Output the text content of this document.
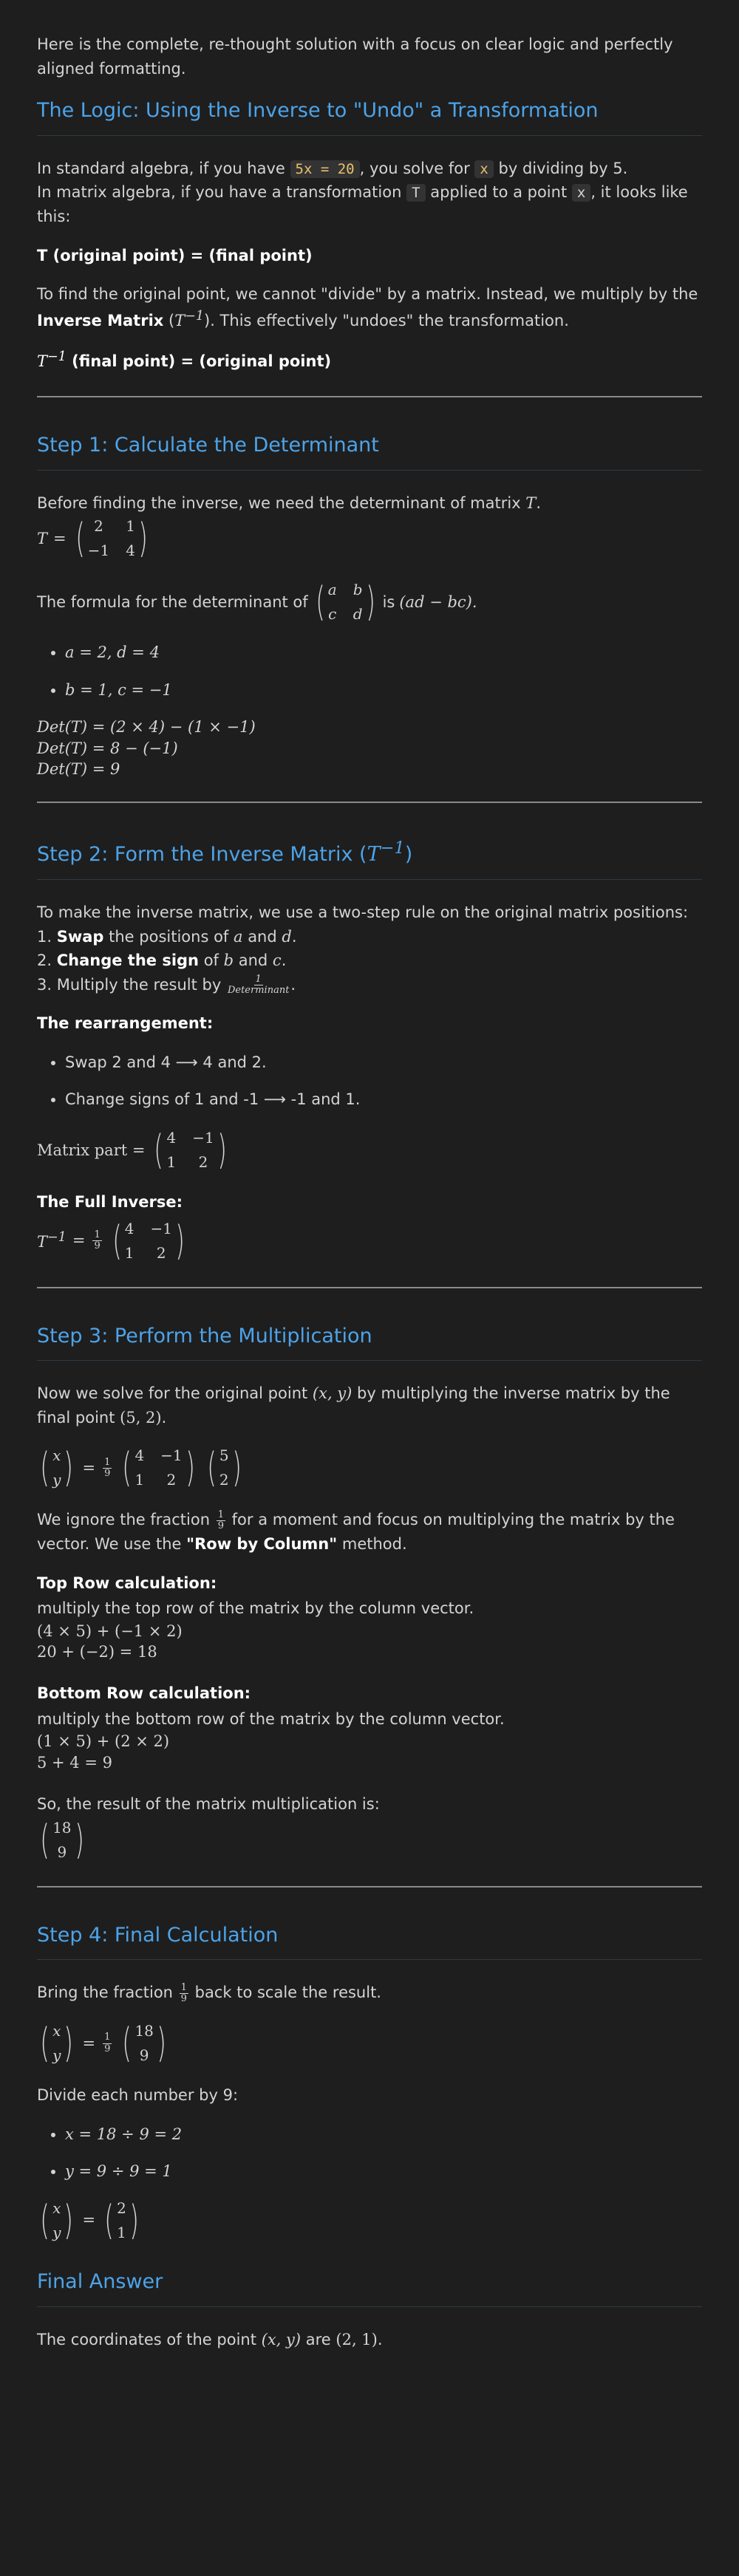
Here is the complete, re-thought solution with a focus on clear logic and perfectly aligned formatting.

The Logic: Using the Inverse to "Undo" a Transformation

In standard algebra, if you have 5x = 20 , you solve for x by dividing by 5.

In matrix algebra, if you have a transformation T applied to a point x , it looks like this:

T (original point) = (final point)

To find the original point, we cannot "divide" by a matrix. Instead, we multiply by the Inverse Matrix $(T^{-1})$. This effectively "undoes" the transformation.

$T^{-1}$ (final point) = (original point)

Step 1: Calculate the Determinant

Before finding the inverse, we need the determinant of matrix T.

T = ( 2	1
−1 4 )

The formula for the determinant of ( a b
c d ) is (ad − bc).

• a = 2, d = 4
• b = 1, c = −1
Det(T) = (2 × 4) − (1 × −1)
Det(T) = 8 − (−1)
Det(T) = 9
Step 2: Form the Inverse Matrix $(T^{-1})$

To make the inverse matrix, we use a two-step rule on the original matrix positions:

1. Swap the positions of a and d.
2. Change the sign of b and c.

3. Multiply the result by $\frac{1}{\text{Determinant}}$ .

The rearrangement:

• Swap 2 and 4 ⟶ 4 and 2.
• Change signs of 1 and -1 ⟶ -1 and 1.
Matrix part = ( 4 −1
1	2 )

The Full Inverse:

$T^{-1} = \frac{1}{9}$ ( 4 −1
1	2 )
Step 3: Perform the Multiplication

Now we solve for the original point (x, y) by multiplying the inverse matrix by the final point (5, 2).

( x
y ) = $\frac{1}{9}$ ( 4 −1
1	2 ) ( 5
2 )

We ignore the fraction $\frac{1}{9}$ for a moment and focus on multiplying the matrix by the vector. We use the "Row by Column" method.

Top Row calculation:
multiply the top row of the matrix by the column vector.
(4 × 5) + (−1 × 2)
20 + (−2) = 18
Bottom Row calculation:
multiply the bottom row of the matrix by the column vector.
(1 × 5) + (2 × 2)
5 + 4 = 9
So, the result of the matrix multiplication is:
( 18
9 )
Step 4: Final Calculation

Bring the fraction $\frac{1}{9}$ back to scale the result.

( x
y ) = $\frac{1}{9}$ ( 18
9 )

Divide each number by 9:

• x = 18 ÷ 9 = 2
• y = 9 ÷ 9 = 1
( x
y ) = ( 2
1 )
Final Answer

The coordinates of the point (x, y) are (2, 1).
